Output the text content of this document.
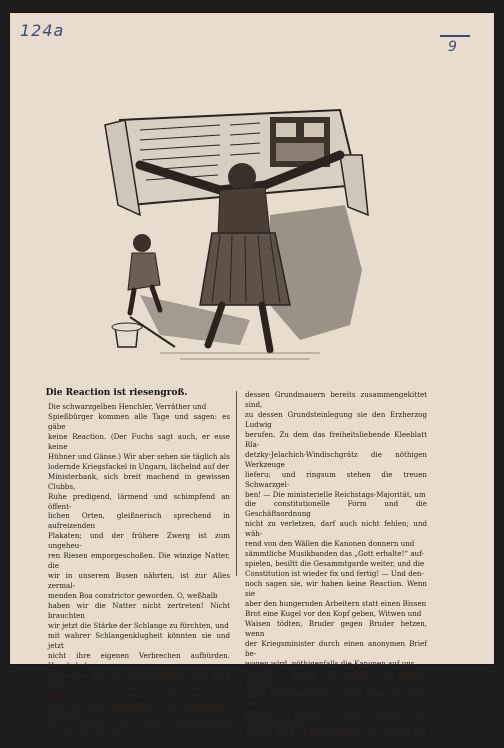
124a
9
Die Reaction ist riesengroß.
Die schwarzgelben Henchler, Verräther und
Spießbürger kommen alle Tage und sagen: es gäbe
keine Reaction. (Der Fuchs sagt auch, er esse keine
Hühner und Gänse.) Wir aber sehen sie täglich als
lodernde Kriegsfackel in Ungarn, lächelnd auf der
Ministerbank, sich breit machend in gewissen Clubbs,
Ruhe predigend, lärmend und schimpfend an öffent-
lichen Orten, gleißnerisch sprechend in aufreizenden
Plakaten; und der frühere Zwerg ist zum ungeheu-
ren Riesen emporgeschoßen. Die winzige Natter, die
wir in unserem Busen nährten, ist zur Alles zermal-
menden Boa constrictor geworden. O, weßhalb
haben wir die Natter nicht zertreten! Nicht brauchten
wir jetzt die Stärke der Schlange zu fürchten, und
mit wahrer Schlangenklugheit könnten sie und jetzt
nicht ihre eigenen Verbrechen aufbürden. Heuchelnd
sagen sie: Wir, die Schwarzgelben, sind nicht Reac-
tionäre. Jene sind es, die den 13. März, den 15.
und 26. Mai geschaffen. Und unermüdlich arbeiten
sie rebühri an dem absolutistisch-constitutionellen Bau,
dessen Grundmauern bereits zusammengekittet sind,
zu dessen Grundsteinlegung sie den Erzherzog Ludwig
berufen. Zu dem das freiheitsliebende Kleeblatt Rla-
detzky-Jelachich-Windischgrätz die nöthigen Werkzeuge
lieferu; und ringsum stehen die treuen Schwarzgel-
ben! — Die ministerielle Reichstags-Majorität, um
die constitutionelle Form und die Geschäftsordnung
nicht zu verletzen, darf auch nicht fehlen; und wäh-
rend von den Wällen die Kanonen donnern und
sämmtliche Musikbanden das „Gott erhalte!“ auf-
spielen, besiltt die Gesammtgarde weiter, und die
Constitution ist wieder fix und fertig! — Und den-
noch sagen sie, wir haben keine Reaction. Wenn sie
aber den hungernden Arbeitern statt einen Bissen
Brot eine Kugel vor den Kopf geben, Witwen und
Waisen tödten, Bruder gegen Bruder hetzen, wenn
der Kriegsminister durch einen anonymen Brief be-
wogen wird, nöthigenfalls die Kanonen auf uns
spielen zu lassen, und dadurch den offenen Bürger-
krieg heraufbeschwört, später aber in einem telegra-
phischen Berichte nach Brünn die demokratischen
Vereine als die Ursache angibt und sie offen der re-
